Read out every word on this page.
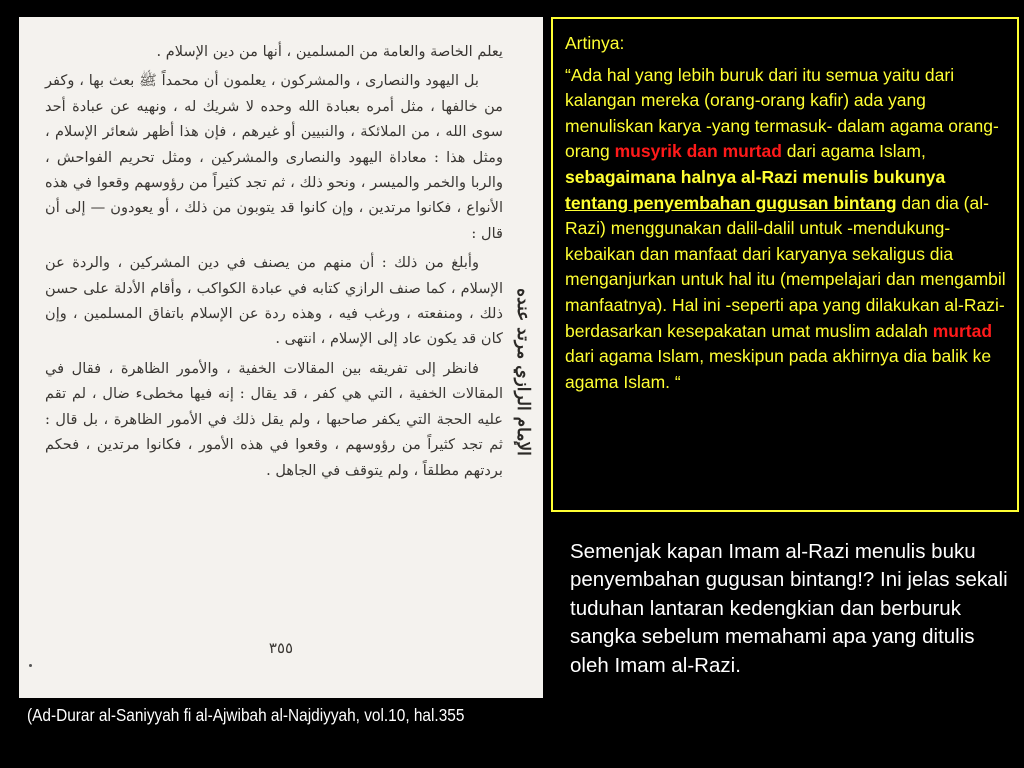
يعلم الخاصة والعامة من المسلمين ، أنها من دين الإسلام .

بل اليهود والنصارى ، والمشركون ، يعلمون أن محمداً ﷺ بعث بها ، وكفر من خالفها ، مثل أمره بعبادة الله وحده لا شريك له ، ونهيه عن عبادة أحد سوى الله ، من الملائكة ، والنبيين أو غيرهم ، فإن هذا أظهر شعائر الإسلام ، ومثل هذا : معاداة اليهود والنصارى والمشركين ، ومثل تحريم الفواحش ، والربا والخمر والميسر ، ونحو ذلك ، ثم تجد كثيراً من رؤوسهم وقعوا في هذه الأنواع ، فكانوا مرتدين ، وإن كانوا قد يتوبون من ذلك ، أو يعودون — إلى أن قال :

وأبلغ من ذلك : أن منهم من يصنف في دين المشركين ، والردة عن الإسلام ، كما صنف الرازي كتابه في عبادة الكواكب ، وأقام الأدلة على حسن ذلك ، ومنفعته ، ورغب فيه ، وهذه ردة عن الإسلام باتفاق المسلمين ، وإن كان قد يكون عاد إلى الإسلام ، انتهى .

فانظر إلى تفريقه بين المقالات الخفية ، والأمور الظاهرة ، فقال في المقالات الخفية ، التي هي كفر ، قد يقال : إنه فيها مخطىء ضال ، لم تقم عليه الحجة التي يكفر صاحبها ، ولم يقل ذلك في الأمور الظاهرة ، بل قال : ثم تجد كثيراً من رؤوسهم ، وقعوا في هذه الأمور ، فكانوا مرتدين ، فحكم بردتهم مطلقاً ، ولم يتوقف في الجاهل .

الإمام الرازي مرتد عنده
٣٥٥
(Ad-Durar al-Saniyyah fi al-Ajwibah al-Najdiyyah, vol.10, hal.355

Artinya:

“Ada hal yang lebih buruk dari itu semua yaitu dari kalangan mereka (orang-orang kafir) ada yang menuliskan karya -yang termasuk- dalam agama orang-orang musyrik dan murtad dari agama Islam, sebagaimana halnya al-Razi menulis bukunya tentang penyembahan gugusan bintang dan dia (al-Razi) menggunakan dalil-dalil untuk -mendukung- kebaikan dan manfaat dari karyanya sekaligus dia menganjurkan untuk hal itu (mempelajari dan mengambil manfaatnya). Hal ini -seperti apa yang dilakukan al-Razi- berdasarkan kesepakatan umat muslim adalah murtad dari agama Islam, meskipun pada akhirnya dia balik ke agama Islam. “

Semenjak kapan Imam al-Razi menulis buku penyembahan gugusan bintang!? Ini jelas sekali tuduhan lantaran kedengkian dan berburuk sangka sebelum memahami apa yang ditulis oleh Imam al-Razi.
